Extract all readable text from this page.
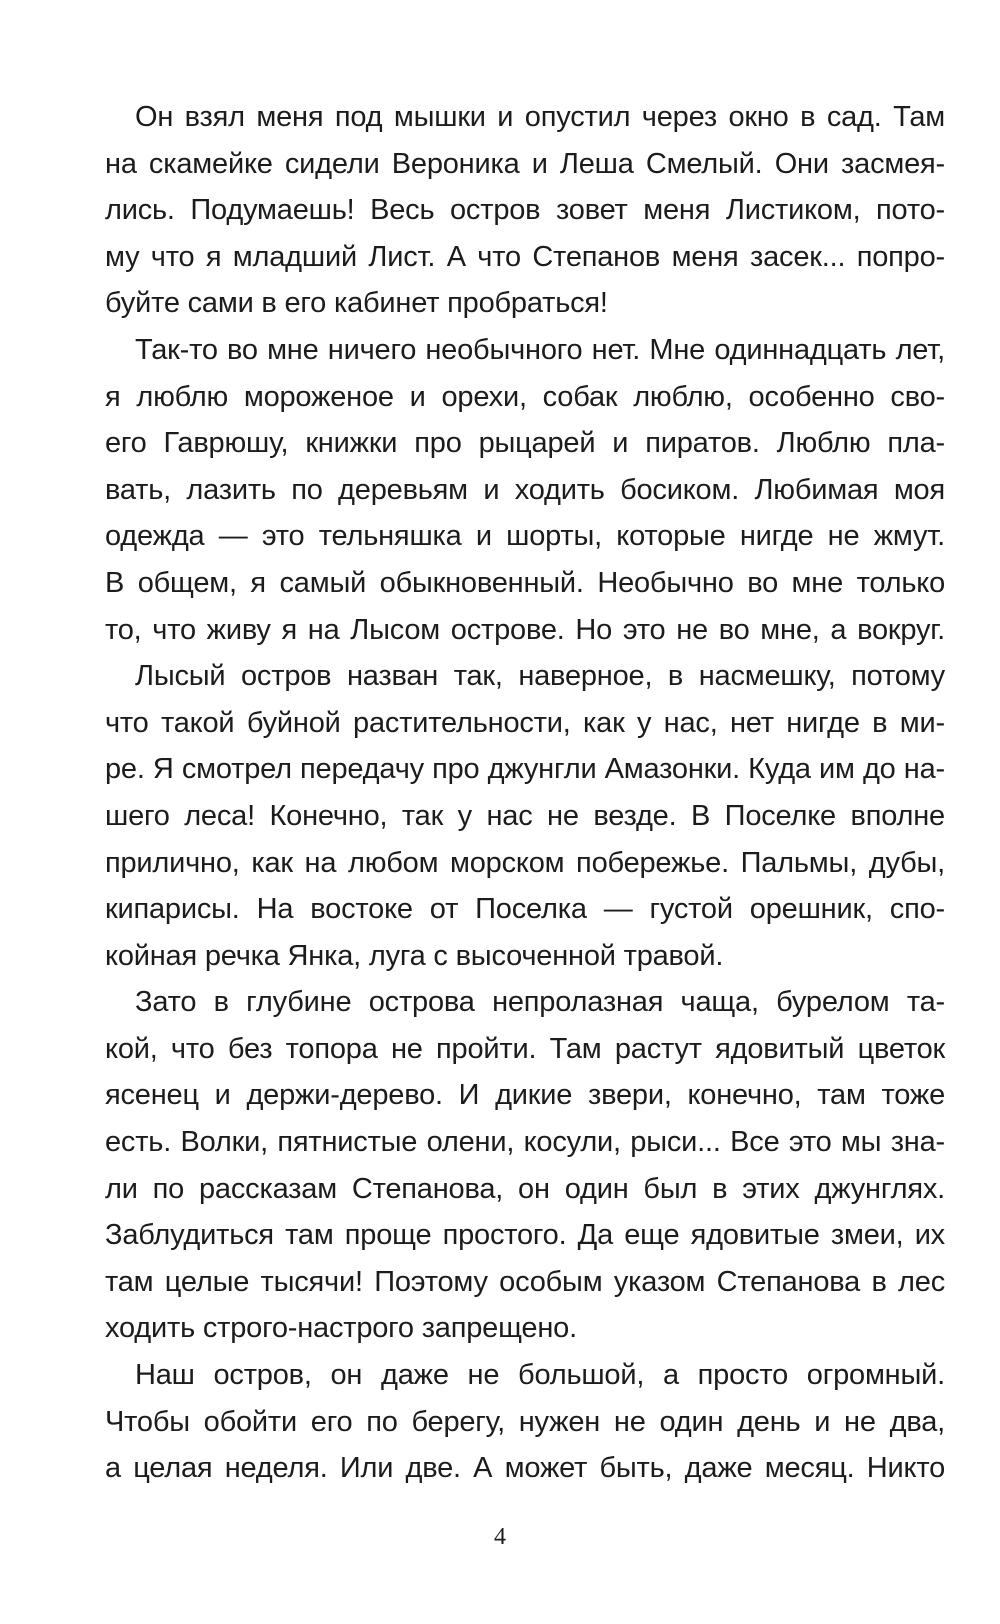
Он взял меня под мышки и опустил через окно в сад. Там
на скамейке сидели Вероника и Леша Смелый. Они засмея-
лись. Подумаешь! Весь остров зовет меня Листиком, пото-
му что я младший Лист. А что Степанов меня засек... попро-
буйте сами в его кабинет пробраться!
Так-то во мне ничего необычного нет. Мне одиннадцать лет,
я люблю мороженое и орехи, собак люблю, особенно сво-
его Гаврюшу, книжки про рыцарей и пиратов. Люблю пла-
вать, лазить по деревьям и ходить босиком. Любимая моя
одежда — это тельняшка и шорты, которые нигде не жмут.
В общем, я самый обыкновенный. Необычно во мне только
то, что живу я на Лысом острове. Но это не во мне, а вокруг.
Лысый остров назван так, наверное, в насмешку, потому
что такой буйной растительности, как у нас, нет нигде в ми-
ре. Я смотрел передачу про джунгли Амазонки. Куда им до на-
шего леса! Конечно, так у нас не везде. В Поселке вполне
прилично, как на любом морском побережье. Пальмы, дубы,
кипарисы. На востоке от Поселка — густой орешник, спо-
койная речка Янка, луга с высоченной травой.
Зато в глубине острова непролазная чаща, бурелом та-
кой, что без топора не пройти. Там растут ядовитый цветок
ясенец и держи-дерево. И дикие звери, конечно, там тоже
есть. Волки, пятнистые олени, косули, рыси... Все это мы зна-
ли по рассказам Степанова, он один был в этих джунглях.
Заблудиться там проще простого. Да еще ядовитые змеи, их
там целые тысячи! Поэтому особым указом Степанова в лес
ходить строго-настрого запрещено.
Наш остров, он даже не большой, а просто огромный.
Чтобы обойти его по берегу, нужен не один день и не два,
а целая неделя. Или две. А может быть, даже месяц. Никто
4
